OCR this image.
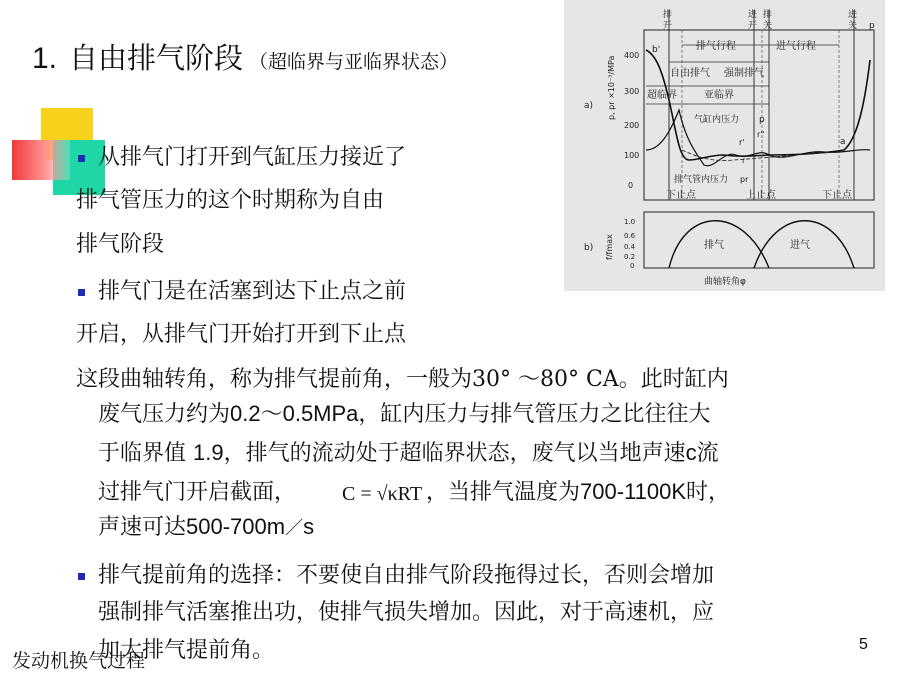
1. 自由排气阶段 （超临界与亚临界状态）
从排气门打开到气缸压力接近了
排气管压力的这个时期称为自由
排气阶段
排气门是在活塞到达下止点之前
开启，从排气门开始打开到下止点
这段曲轴转角，称为排气提前角，一般为30° ～80° CA。此时缸内
废气压力约为0.2～0.5MPa，缸内压力与排气管压力之比往往大
于临界值 1.9，排气的流动处于超临界状态，废气以当地声速c流
过排气门开启截面，	，当排气温度为700-1100K时，
声速可达500-700m／s
C = √κRT
排气提前角的选择：不要使自由排气阶段拖得过长，否则会增加
强制排气活塞推出功，使排气损失增加。因此，对于高速机，应
加大排气提前角。
发动机换气过程
5
排
开
进
开
排
关
进
关 p
b'	排气行程	进气行程
自由排气 强制排气
超临界	亚临界
p, pr ×10⁻³/MPa
400
300
200
100
0
a)
气缸内压力 p
r''
r'
r
a
排气管内压力 pr
下止点	上止点	下止点
b) f/fmax
1.0
0.6
0.4
0.2
0
排气	进气
曲轴转角φ
